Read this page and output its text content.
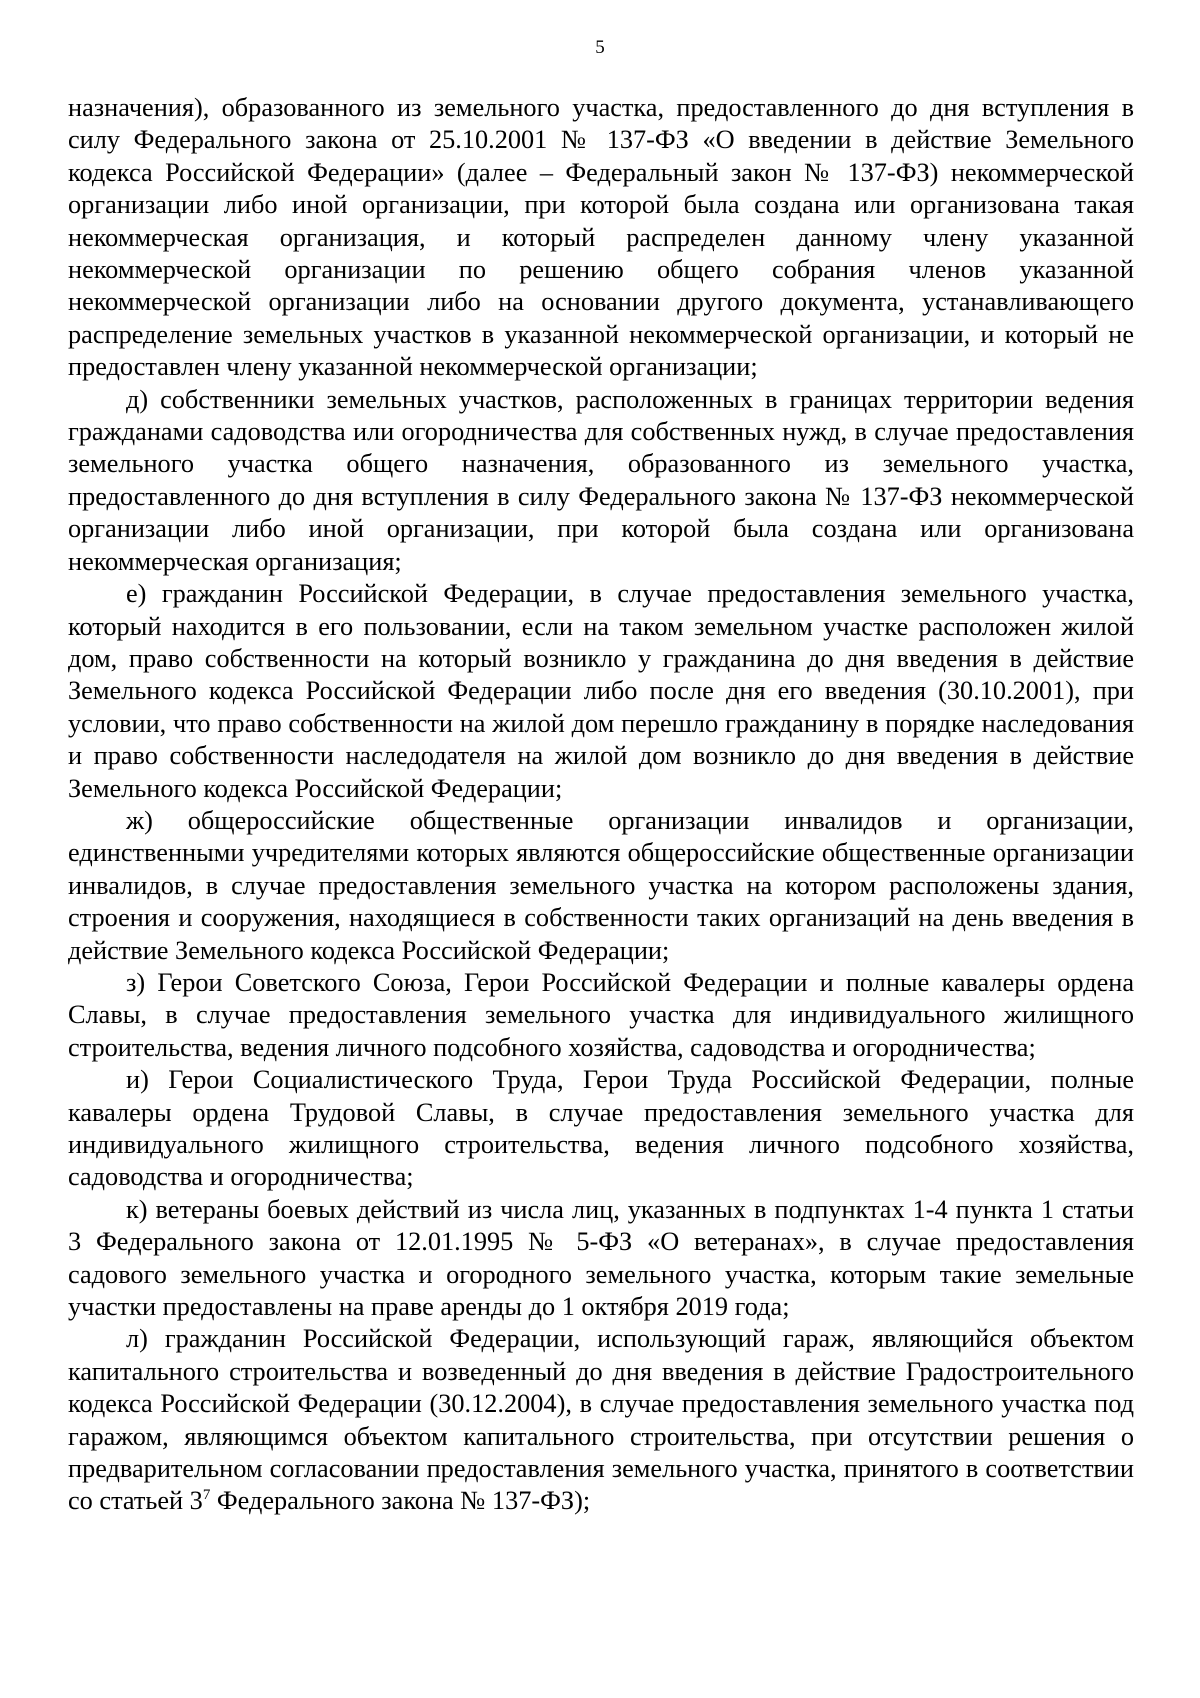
5

назначения), образованного из земельного участка, предоставленного до дня вступления в силу Федерального закона от 25.10.2001 № 137-ФЗ «О введении в действие Земельного кодекса Российской Федерации» (далее – Федеральный закон № 137-ФЗ) некоммерческой организации либо иной организации, при которой была создана или организована такая некоммерческая организация, и который распределен данному члену указанной некоммерческой организации по решению общего собрания членов указанной некоммерческой организации либо на основании другого документа, устанавливающего распределение земельных участков в указанной некоммерческой организации, и который не предоставлен члену указанной некоммерческой организации;

д) собственники земельных участков, расположенных в границах территории ведения гражданами садоводства или огородничества для собственных нужд, в случае предоставления земельного участка общего назначения, образованного из земельного участка, предоставленного до дня вступления в силу Федерального закона № 137-ФЗ некоммерческой организации либо иной организации, при которой была создана или организована некоммерческая организация;

е) гражданин Российской Федерации, в случае предоставления земельного участка, который находится в его пользовании, если на таком земельном участке расположен жилой дом, право собственности на который возникло у гражданина до дня введения в действие Земельного кодекса Российской Федерации либо после дня его введения (30.10.2001), при условии, что право собственности на жилой дом перешло гражданину в порядке наследования и право собственности наследодателя на жилой дом возникло до дня введения в действие Земельного кодекса Российской Федерации;

ж) общероссийские общественные организации инвалидов и организации, единственными учредителями которых являются общероссийские общественные организации инвалидов, в случае предоставления земельного участка на котором расположены здания, строения и сооружения, находящиеся в собственности таких организаций на день введения в действие Земельного кодекса Российской Федерации;

з) Герои Советского Союза, Герои Российской Федерации и полные кавалеры ордена Славы, в случае предоставления земельного участка для индивидуального жилищного строительства, ведения личного подсобного хозяйства, садоводства и огородничества;

и) Герои Социалистического Труда, Герои Труда Российской Федерации, полные кавалеры ордена Трудовой Славы, в случае предоставления земельного участка для индивидуального жилищного строительства, ведения личного подсобного хозяйства, садоводства и огородничества;

к) ветераны боевых действий из числа лиц, указанных в подпунктах 1-4 пункта 1 статьи 3 Федерального закона от 12.01.1995 № 5-ФЗ «О ветеранах», в случае предоставления садового земельного участка и огородного земельного участка, которым такие земельные участки предоставлены на праве аренды до 1 октября 2019 года;

л) гражданин Российской Федерации, использующий гараж, являющийся объектом капитального строительства и возведенный до дня введения в действие Градостроительного кодекса Российской Федерации (30.12.2004), в случае предоставления земельного участка под гаражом, являющимся объектом капитального строительства, при отсутствии решения о предварительном согласовании предоставления земельного участка, принятого в соответствии со статьей $3^7$ Федерального закона № 137-ФЗ);
